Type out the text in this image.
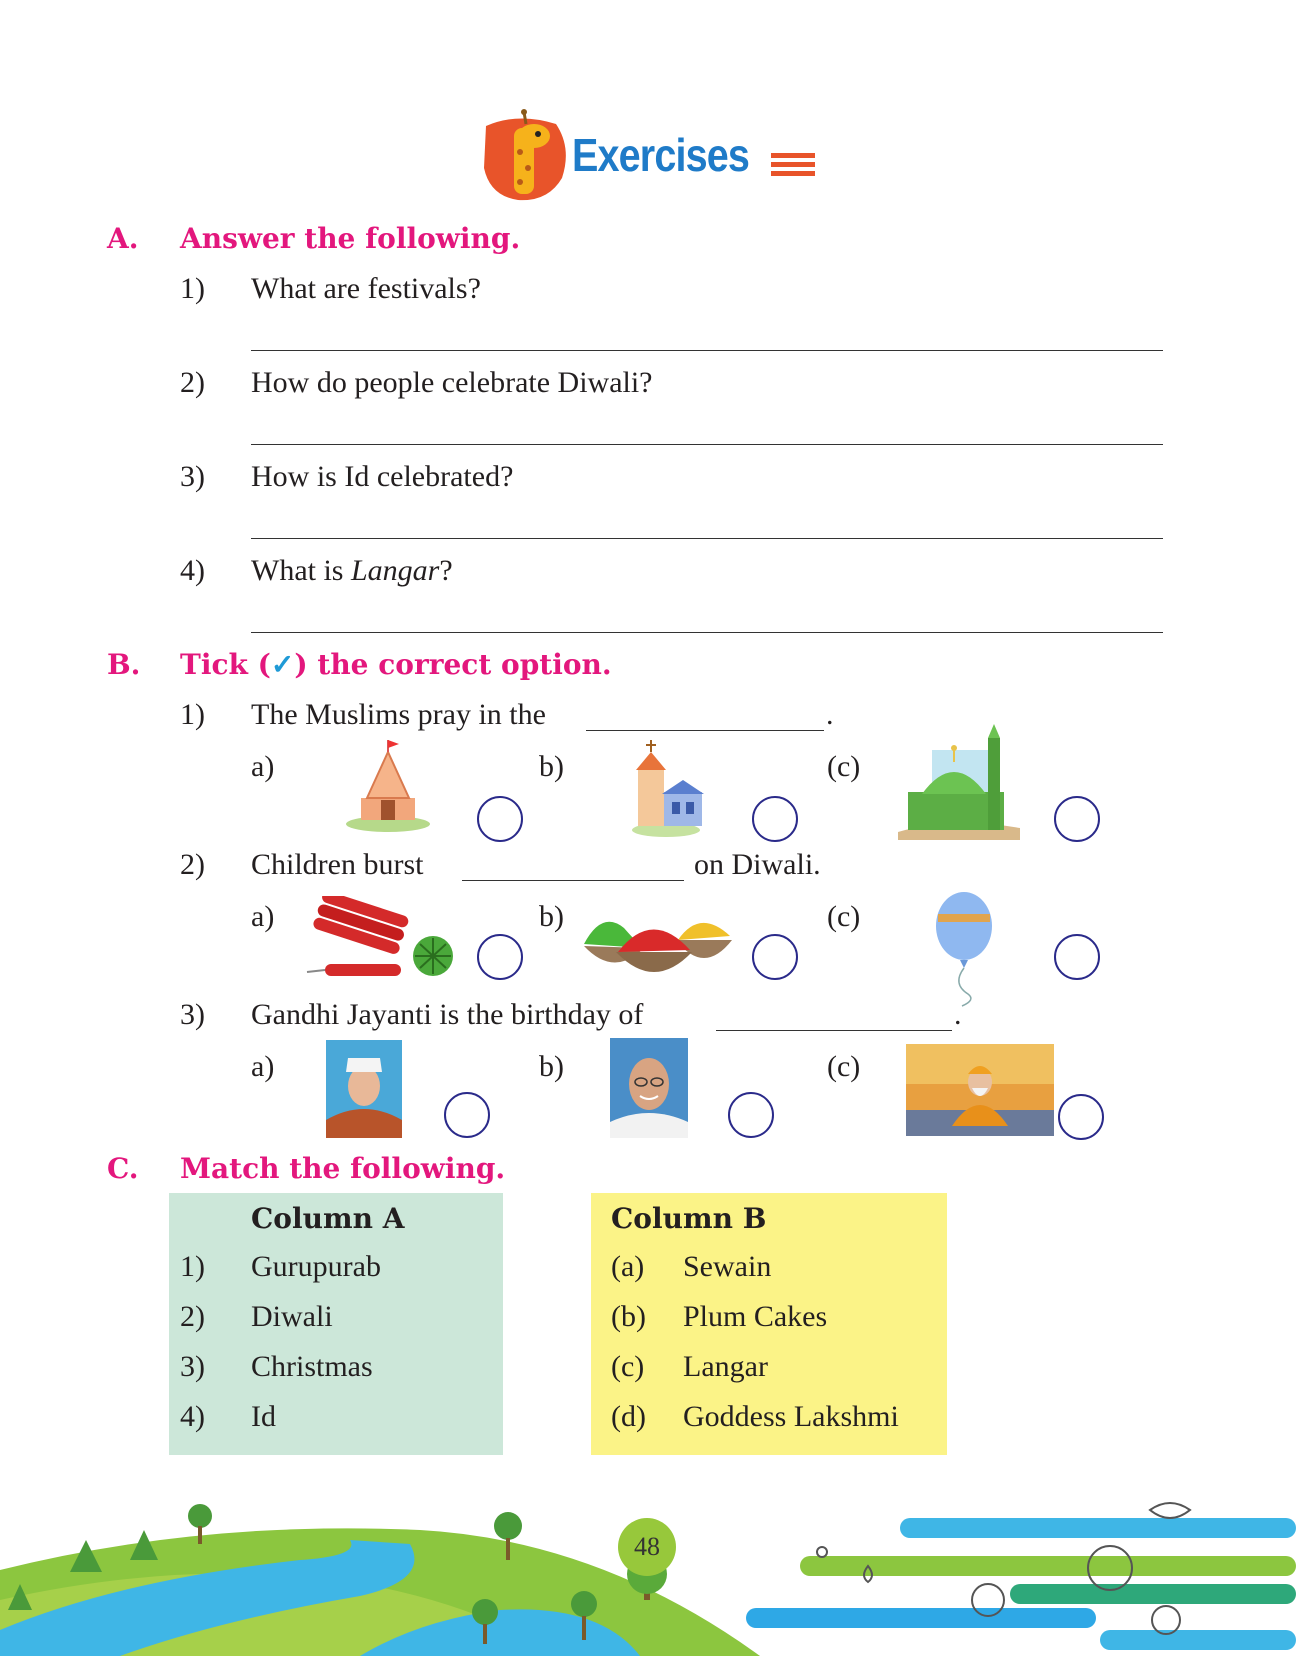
Exercises
A. Answer the following.
1) What are festivals?
2) How do people celebrate Diwali?
3) How is Id celebrated?
4) What is Langar?
B. Tick (✓) the correct option.
1) The Muslims pray in the	.
a)	b)	(c)
2) Children burst	on Diwali.
a)	b)	(c)
3) Gandhi Jayanti is the birthday of	.
a)	b)	(c)
C. Match the following.
Column A
1) Gurupurab
2) Diwali
3) Christmas
4) Id
Column B
(a) Sewain
(b) Plum Cakes
(c) Langar
(d) Goddess Lakshmi
48
